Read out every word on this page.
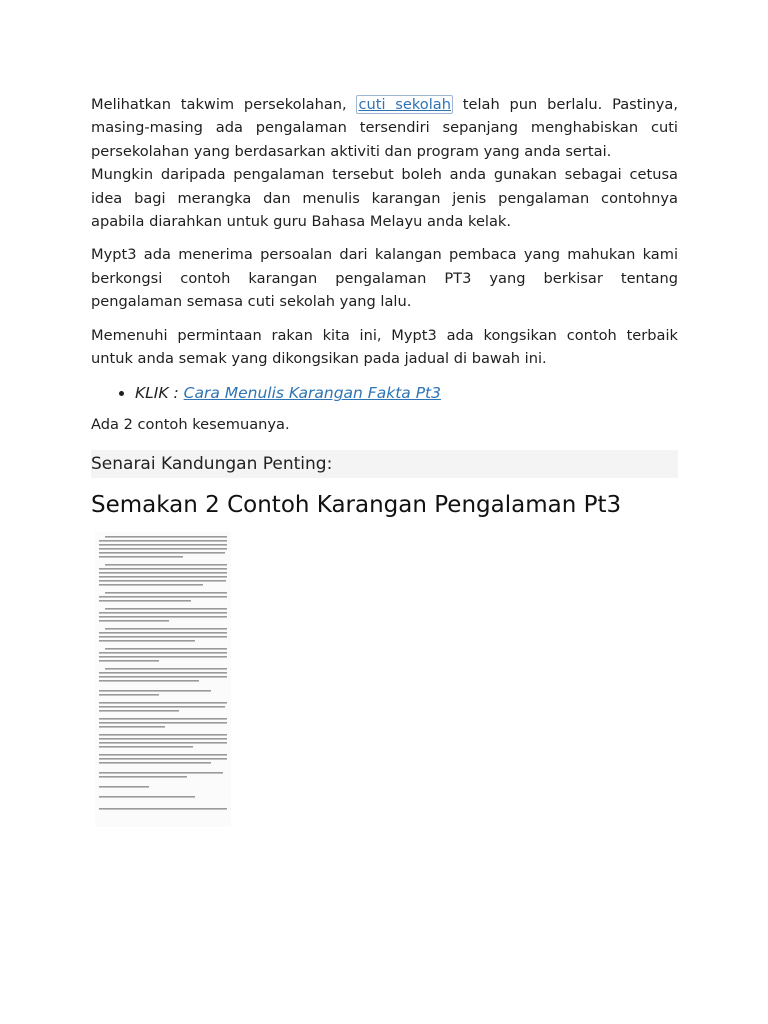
Melihatkan takwim persekolahan, cuti sekolah telah pun berlalu. Pastinya, masing-masing ada pengalaman tersendiri sepanjang menghabiskan cuti persekolahan yang berdasarkan aktiviti dan program yang anda sertai.

Mungkin daripada pengalaman tersebut boleh anda gunakan sebagai cetusa idea bagi merangka dan menulis karangan jenis pengalaman contohnya apabila diarahkan untuk guru Bahasa Melayu anda kelak.

Mypt3 ada menerima persoalan dari kalangan pembaca yang mahukan kami berkongsi contoh karangan pengalaman PT3 yang berkisar tentang pengalaman semasa cuti sekolah yang lalu.

Memenuhi permintaan rakan kita ini, Mypt3 ada kongsikan contoh terbaik untuk anda semak yang dikongsikan pada jadual di bawah ini.

• KLIK : Cara Menulis Karangan Fakta Pt3

Ada 2 contoh kesemuanya.

Senarai Kandungan Penting:
Semakan 2 Contoh Karangan Pengalaman Pt3
